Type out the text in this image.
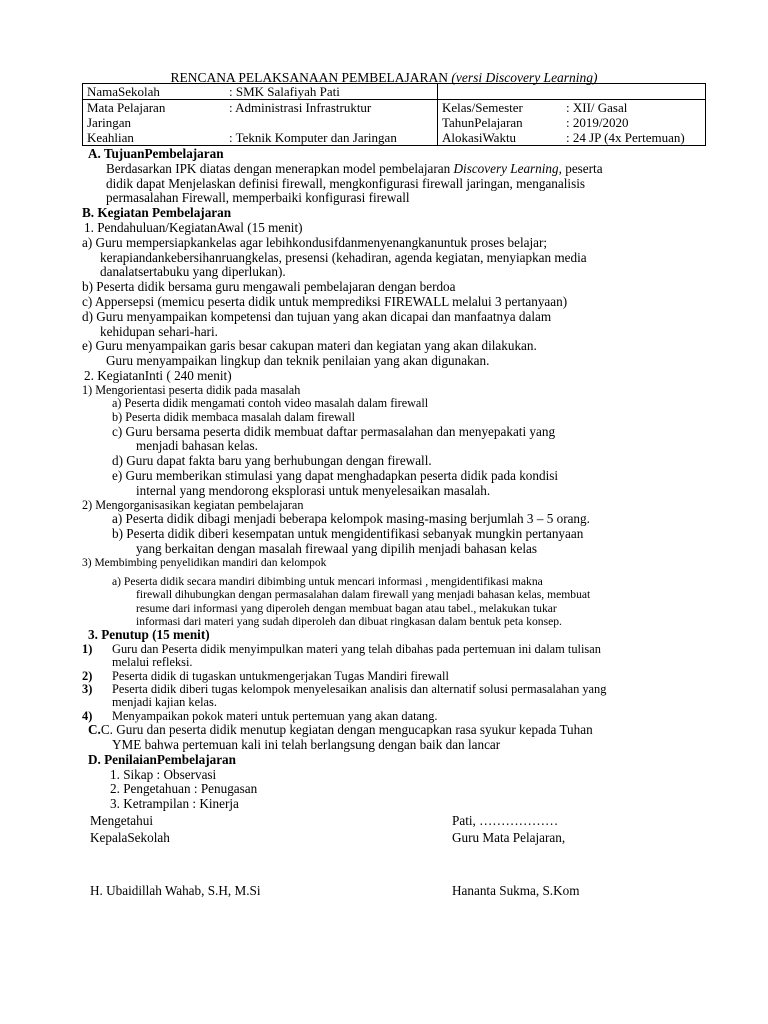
RENCANA PELAKSANAAN PEMBELAJARAN (versi Discovery Learning)
NamaSekolah	: SMK Salafiyah Pati		
Mata Pelajaran	: Administrasi Infrastruktur	Kelas/Semester	: XII/ Gasal
Jaringan		TahunPelajaran	: 2019/2020
Keahlian	: Teknik Komputer dan Jaringan	AlokasiWaktu	: 24 JP (4x Pertemuan)
A. TujuanPembelajaran
Berdasarkan IPK diatas dengan menerapkan model pembelajaran Discovery Learning, peserta
didik dapat Menjelaskan definisi firewall, mengkonfigurasi firewall jaringan, menganalisis
permasalahan Firewall, memperbaiki konfigurasi firewall
B. Kegiatan Pembelajaran
1. Pendahuluan/KegiatanAwal (15 menit)
a) Guru mempersiapkankelas agar lebihkondusifdanmenyenangkanuntuk proses belajar;
kerapiandankebersihanruangkelas, presensi (kehadiran, agenda kegiatan, menyiapkan media
danalatsertabuku yang diperlukan).
b) Peserta didik bersama guru mengawali pembelajaran dengan berdoa
c) Appersepsi (memicu peserta didik untuk memprediksi FIREWALL melalui 3 pertanyaan)
d) Guru menyampaikan kompetensi dan tujuan yang akan dicapai dan manfaatnya dalam
kehidupan sehari-hari.
e) Guru menyampaikan garis besar cakupan materi dan kegiatan yang akan dilakukan.
Guru menyampaikan lingkup dan teknik penilaian yang akan digunakan.
2. KegiatanInti ( 240 menit)
1) Mengorientasi peserta didik pada masalah
a) Peserta didik mengamati contoh video masalah dalam firewall
b) Peserta didik membaca masalah dalam firewall
c) Guru bersama peserta didik membuat daftar permasalahan dan menyepakati yang
menjadi bahasan kelas.
d) Guru dapat fakta baru yang berhubungan dengan firewall.
e) Guru memberikan stimulasi yang dapat menghadapkan peserta didik pada kondisi
internal yang mendorong eksplorasi untuk menyelesaikan masalah.
2) Mengorganisasikan kegiatan pembelajaran
a) Peserta didik dibagi menjadi beberapa kelompok masing-masing berjumlah 3 – 5 orang.
b) Peserta didik diberi kesempatan untuk mengidentifikasi sebanyak mungkin pertanyaan
yang berkaitan dengan masalah firewaal yang dipilih menjadi bahasan kelas
3) Membimbing penyelidikan mandiri dan kelompok
a) Peserta didik secara mandiri dibimbing untuk mencari informasi , mengidentifikasi makna
firewall dihubungkan dengan permasalahan dalam firewall yang menjadi bahasan kelas, membuat
resume dari informasi yang diperoleh dengan membuat bagan atau tabel., melakukan tukar
informasi dari materi yang sudah diperoleh dan dibuat ringkasan dalam bentuk peta konsep.
3. Penutup (15 menit)
1) Guru dan Peserta didik menyimpulkan materi yang telah dibahas pada pertemuan ini dalam tulisan
melalui refleksi.
2) Peserta didik di tugaskan untukmengerjakan Tugas Mandiri firewall
3) Peserta didik diberi tugas kelompok menyelesaikan analisis dan alternatif solusi permasalahan yang
menjadi kajian kelas.
4) Menyampaikan pokok materi untuk pertemuan yang akan datang.
C.C. Guru dan peserta didik menutup kegiatan dengan mengucapkan rasa syukur kepada Tuhan
YME bahwa pertemuan kali ini telah berlangsung dengan baik dan lancar
D. PenilaianPembelajaran
1. Sikap : Observasi
2. Pengetahuan : Penugasan
3. Ketrampilan : Kinerja
Mengetahui
KepalaSekolah
H. Ubaidillah Wahab, S.H, M.Si
Pati, ………………
Guru Mata Pelajaran,
Hananta Sukma, S.Kom
